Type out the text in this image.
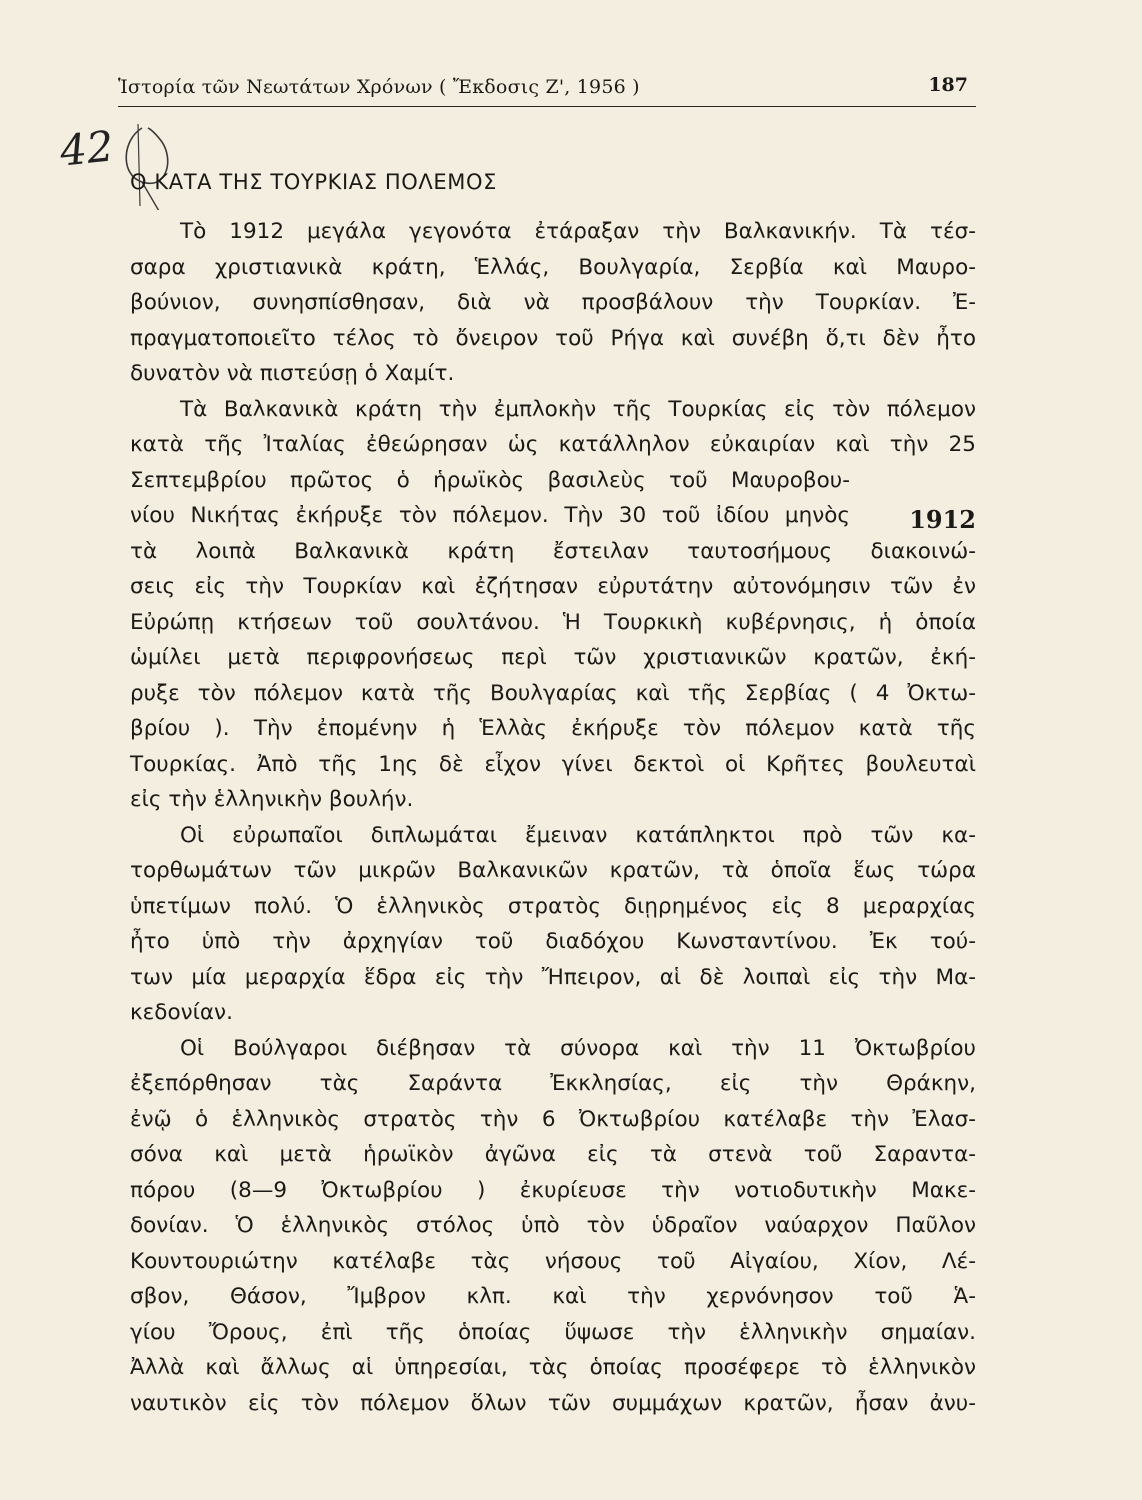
Ἱστορία τῶν Νεωτάτων Χρόνων ( Ἔκδοσις Ζ', 1956 )	187
42
Ο ΚΑΤΑ ΤΗΣ ΤΟΥΡΚΙΑΣ ΠΟΛΕΜΟΣ
Τὸ 1912 μεγάλα γεγονότα ἐτάραξαν τὴν Βαλκανικήν. Τὰ τέσ-
σαρα χριστιανικὰ κράτη, Ἑλλάς, Βουλγαρία, Σερβία καὶ Μαυρο-
βούνιον, συνησπίσθησαν, διὰ νὰ προσβάλουν τὴν Τουρκίαν. Ἐ-
πραγματοποιεῖτο τέλος τὸ ὄνειρον τοῦ Ρήγα καὶ συνέβη ὅ,τι δὲν ἦτο
δυνατὸν νὰ πιστεύσῃ ὁ Χαμίτ.
Τὰ Βαλκανικὰ κράτη τὴν ἐμπλοκὴν τῆς Τουρκίας εἰς τὸν πόλεμον
κατὰ τῆς Ἰταλίας ἐθεώρησαν ὡς κατάλληλον εὐκαιρίαν καὶ τὴν 25
Σεπτεμβρίου πρῶτος ὁ ἡρωϊκὸς βασιλεὺς τοῦ Μαυροβου-
νίου Νικήτας ἐκήρυξε τὸν πόλεμον. Τὴν 30 τοῦ ἰδίου μηνὸς
τὰ λοιπὰ Βαλκανικὰ κράτη ἔστειλαν ταυτοσήμους διακοινώ-
σεις εἰς τὴν Τουρκίαν καὶ ἐζήτησαν εὐρυτάτην αὐτονόμησιν τῶν ἐν
Εὐρώπῃ κτήσεων τοῦ σουλτάνου. Ἡ Τουρκικὴ κυβέρνησις, ἡ ὁποία
ὡμίλει μετὰ περιφρονήσεως περὶ τῶν χριστιανικῶν κρατῶν, ἐκή-
ρυξε τὸν πόλεμον κατὰ τῆς Βουλγαρίας καὶ τῆς Σερβίας ( 4 Ὀκτω-
βρίου ). Τὴν ἐπομένην ἡ Ἑλλὰς ἐκήρυξε τὸν πόλεμον κατὰ τῆς
Τουρκίας. Ἀπὸ τῆς 1ης δὲ εἶχον γίνει δεκτοὶ οἱ Κρῆτες βουλευταὶ
εἰς τὴν ἑλληνικὴν βουλήν.
Οἱ εὐρωπαῖοι διπλωμάται ἔμειναν κατάπληκτοι πρὸ τῶν κα-
τορθωμάτων τῶν μικρῶν Βαλκανικῶν κρατῶν, τὰ ὁποῖα ἕως τώρα
ὑπετίμων πολύ. Ὁ ἑλληνικὸς στρατὸς διῃρημένος εἰς 8 μεραρχίας
ἦτο ὑπὸ τὴν ἀρχηγίαν τοῦ διαδόχου Κωνσταντίνου. Ἐκ τού-
των μία μεραρχία ἕδρα εἰς τὴν Ἤπειρον, αἱ δὲ λοιπαὶ εἰς τὴν Μα-
κεδονίαν.
Οἱ Βούλγαροι διέβησαν τὰ σύνορα καὶ τὴν 11 Ὀκτωβρίου
ἐξεπόρθησαν τὰς Σαράντα Ἐκκλησίας, εἰς τὴν Θράκην,
ἐνῷ ὁ ἑλληνικὸς στρατὸς τὴν 6 Ὀκτωβρίου κατέλαβε τὴν Ἐλασ-
σόνα καὶ μετὰ ἡρωϊκὸν ἀγῶνα εἰς τὰ στενὰ τοῦ Σαραντα-
πόρου (8—9 Ὀκτωβρίου ) ἐκυρίευσε τὴν νοτιοδυτικὴν Μακε-
δονίαν. Ὁ ἑλληνικὸς στόλος ὑπὸ τὸν ὑδραῖον ναύαρχον Παῦλον
Κουντουριώτην κατέλαβε τὰς νήσους τοῦ Αἰγαίου, Χίον, Λέ-
σβον, Θάσον, Ἴμβρον κλπ. καὶ τὴν χερνόνησον τοῦ Ἁ-
γίου Ὄρους, ἐπὶ τῆς ὁποίας ὕψωσε τὴν ἑλληνικὴν σημαίαν.
Ἀλλὰ καὶ ἄλλως αἱ ὑπηρεσίαι, τὰς ὁποίας προσέφερε τὸ ἑλληνικὸν
ναυτικὸν εἰς τὸν πόλεμον ὅλων τῶν συμμάχων κρατῶν, ἦσαν ἀνυ-
1912
